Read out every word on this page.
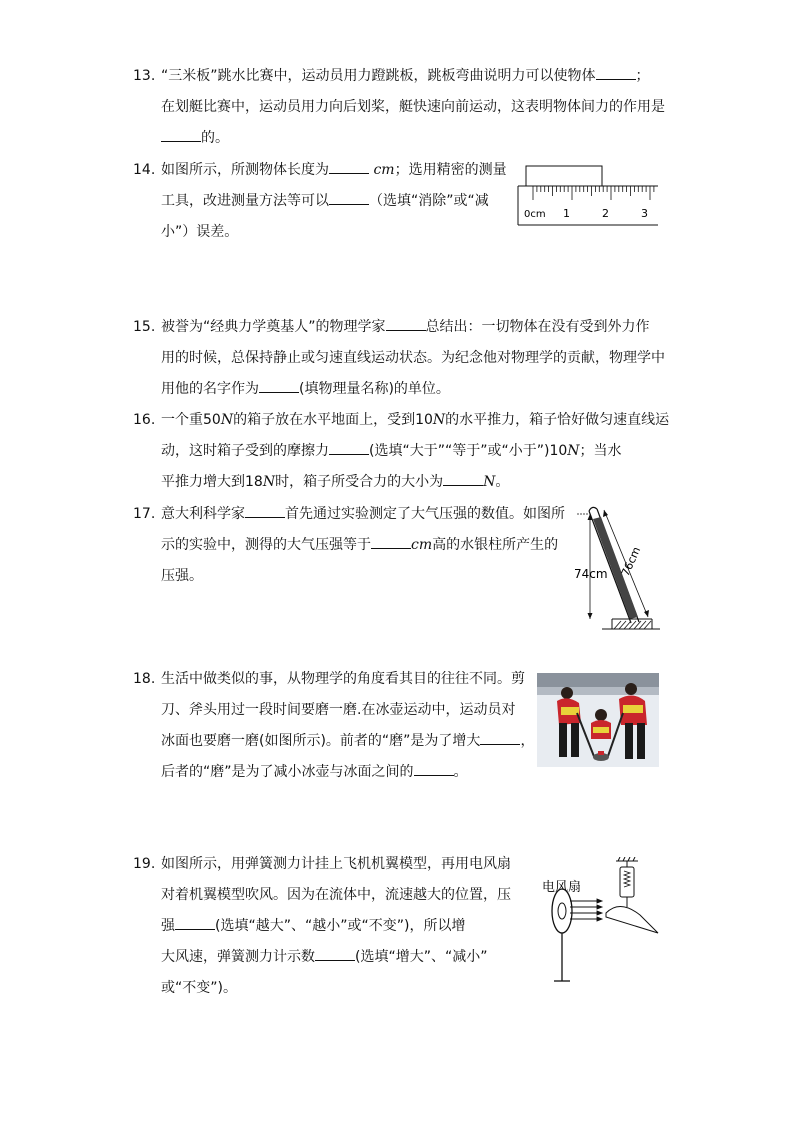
13. “三米板”跳水比赛中，运动员用力蹬跳板，跳板弯曲说明力可以使物体	；
在划艇比赛中，运动员用力向后划桨，艇快速向前运动，这表明物体间力的作用是
的。
14. 如图所示，所测物体长度为	cm；选用精密的测量
工具，改进测量方法等可以	（选填“消除”或“减
小”）误差。
0cm 1	2	3
15. 被誉为“经典力学奠基人”的物理学家	总结出：一切物体在没有受到外力作
用的时候，总保持静止或匀速直线运动状态。为纪念他对物理学的贡献，物理学中
用他的名字作为	(填物理量名称)的单位。
16. 一个重50N的箱子放在水平地面上，受到10N的水平推力，箱子恰好做匀速直线运
动，这时箱子受到的摩擦力	(选填“大于”“等于”或“小于”)10N；当水
平推力增大到18N时，箱子所受合力的大小为	N。
17. 意大利科学家	首先通过实验测定了大气压强的数值。如图所
示的实验中，测得的大气压强等于	cm高的水银柱所产生的
压强。	74cm 76cm
18. 生活中做类似的事，从物理学的角度看其目的往往不同。剪
刀、斧头用过一段时间要磨一磨.在冰壶运动中，运动员对
冰面也要磨一磨(如图所示)。前者的“磨”是为了增大	，
后者的“磨”是为了减小冰壶与冰面之间的	。
19. 如图所示，用弹簧测力计挂上飞机机翼模型，再用电风扇
对着机翼模型吹风。因为在流体中，流速越大的位置，压
强	(选填“越大”、“越小”或“不变”)，所以增
大风速，弹簧测力计示数	(选填“增大”、“减小”
或“不变”)。
电风扇
